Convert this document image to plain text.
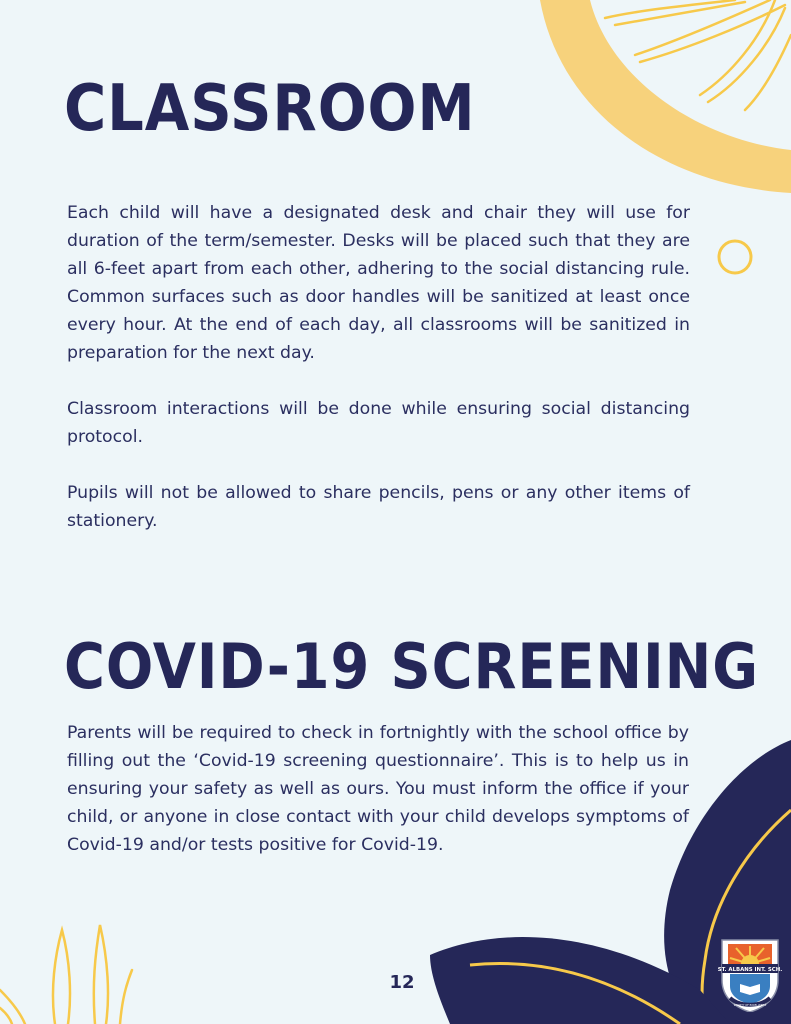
CLASSROOM

Each child will have a designated desk and chair they will use for duration of the term/semester. Desks will be placed such that they are all 6-feet apart from each other, adhering to the social distancing rule. Common surfaces such as door handles will be sanitized at least once every hour. At the end of each day, all classrooms will be sanitized in preparation for the next day.

Classroom interactions will be done while ensuring social distancing protocol.

Pupils will not be allowed to share pencils, pens or any other items of stationery.

COVID-19 SCREENING

Parents will be required to check in fortnightly with the school office by filling out the ‘Covid-19 screening questionnaire’. This is to help us in ensuring your safety as well as ours. You must inform the office if your child, or anyone in close contact with your child develops symptoms of Covid-19 and/or tests positive for Covid-19.

12
ST. ALBANS INT. SCH.
DIGNITY OF EXCELLENCE
